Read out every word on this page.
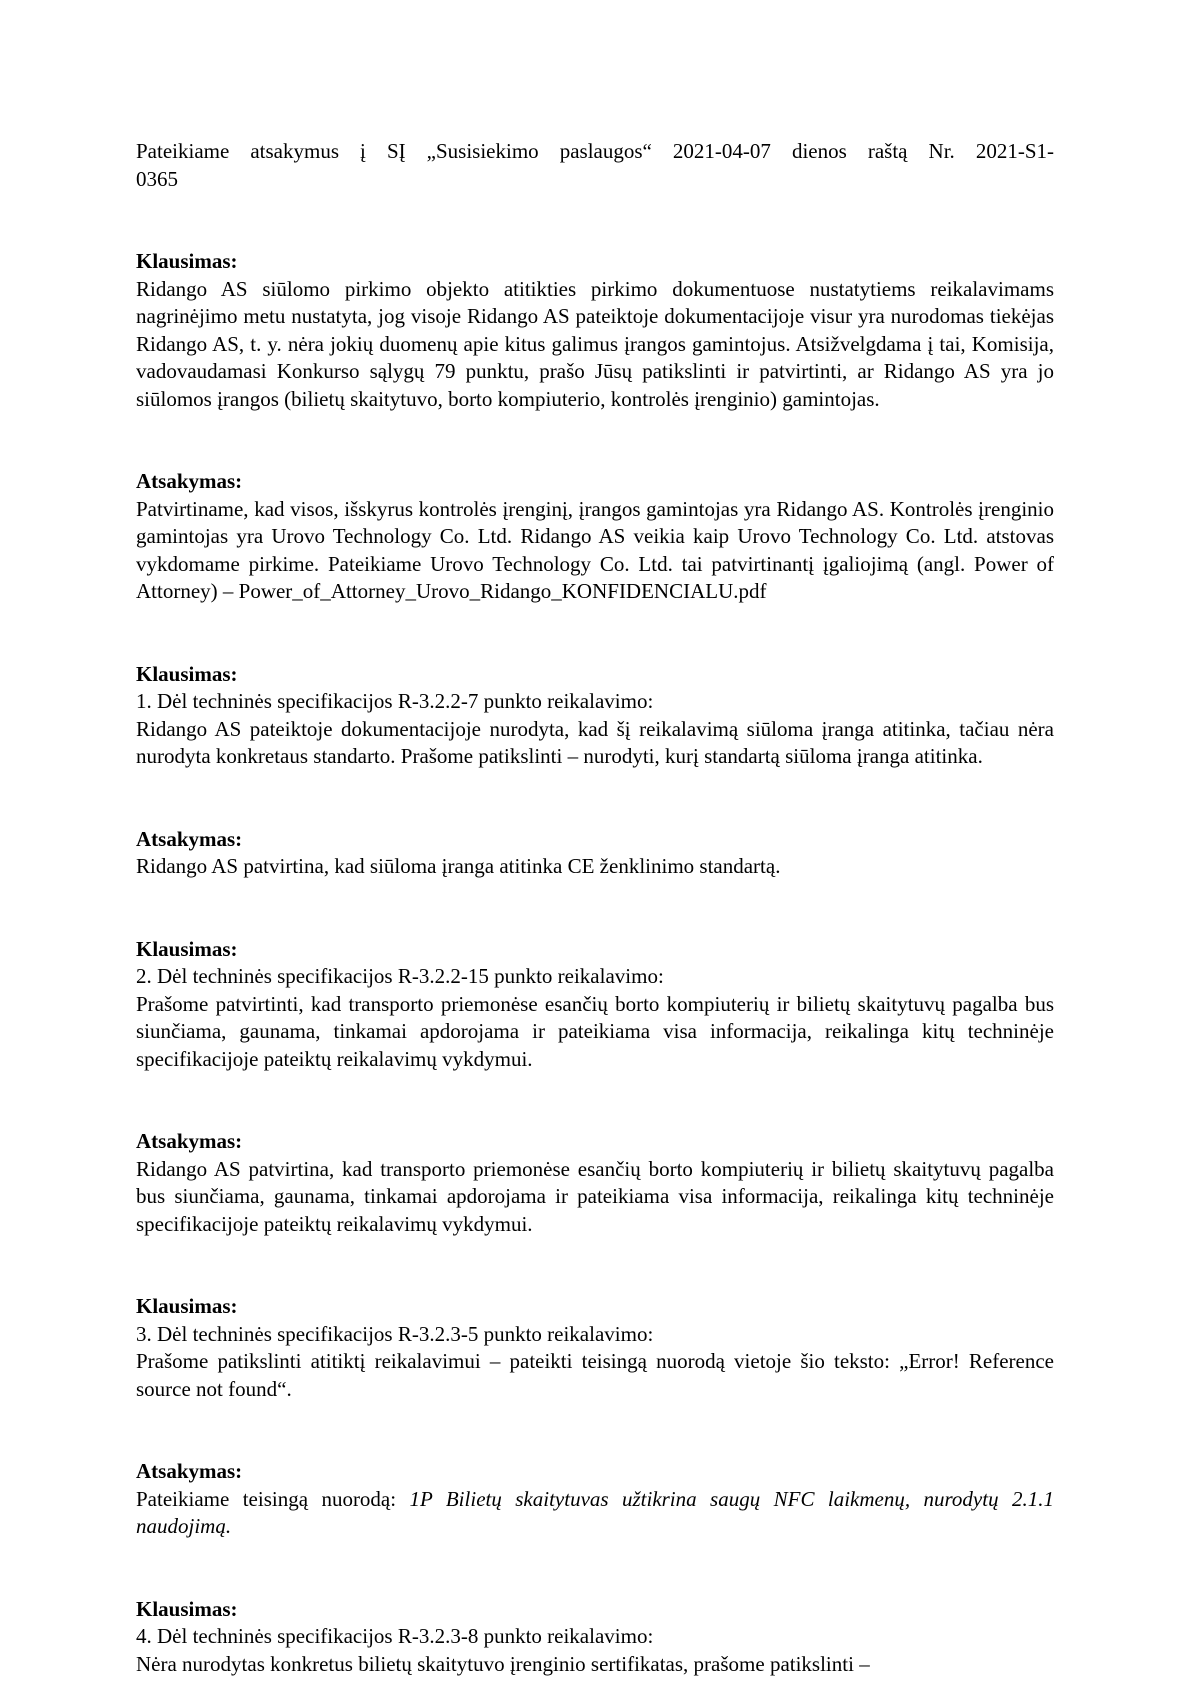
Pateikiame atsakymus į SĮ „Susisiekimo paslaugos“ 2021-04-07 dienos raštą Nr. 2021-S1-

0365

Klausimas:

Ridango AS siūlomo pirkimo objekto atitikties pirkimo dokumentuose nustatytiems reikalavimams nagrinėjimo metu nustatyta, jog visoje Ridango AS pateiktoje dokumentacijoje visur yra nurodomas tiekėjas Ridango AS, t. y. nėra jokių duomenų apie kitus galimus įrangos gamintojus. Atsižvelgdama į tai, Komisija, vadovaudamasi Konkurso sąlygų 79 punktu, prašo Jūsų patikslinti ir patvirtinti, ar Ridango AS yra jo siūlomos įrangos (bilietų skaitytuvo, borto kompiuterio, kontrolės įrenginio) gamintojas.

Atsakymas:

Patvirtiname, kad visos, išskyrus kontrolės įrenginį, įrangos gamintojas yra Ridango AS. Kontrolės įrenginio gamintojas yra Urovo Technology Co. Ltd. Ridango AS veikia kaip Urovo Technology Co. Ltd. atstovas vykdomame pirkime. Pateikiame Urovo Technology Co. Ltd. tai patvirtinantį įgaliojimą (angl. Power of Attorney) – Power_of_Attorney_Urovo_Ridango_KONFIDENCIALU.pdf

Klausimas:

1. Dėl techninės specifikacijos R-3.2.2-7 punkto reikalavimo:

Ridango AS pateiktoje dokumentacijoje nurodyta, kad šį reikalavimą siūloma įranga atitinka, tačiau nėra nurodyta konkretaus standarto. Prašome patikslinti – nurodyti, kurį standartą siūloma įranga atitinka.

Atsakymas:

Ridango AS patvirtina, kad siūloma įranga atitinka CE ženklinimo standartą.

Klausimas:

2. Dėl techninės specifikacijos R-3.2.2-15 punkto reikalavimo:

Prašome patvirtinti, kad transporto priemonėse esančių borto kompiuterių ir bilietų skaitytuvų pagalba bus siunčiama, gaunama, tinkamai apdorojama ir pateikiama visa informacija, reikalinga kitų techninėje specifikacijoje pateiktų reikalavimų vykdymui.

Atsakymas:

Ridango AS patvirtina, kad transporto priemonėse esančių borto kompiuterių ir bilietų skaitytuvų pagalba bus siunčiama, gaunama, tinkamai apdorojama ir pateikiama visa informacija, reikalinga kitų techninėje specifikacijoje pateiktų reikalavimų vykdymui.

Klausimas:

3. Dėl techninės specifikacijos R-3.2.3-5 punkto reikalavimo:

Prašome patikslinti atitiktį reikalavimui – pateikti teisingą nuorodą vietoje šio teksto: „Error! Reference source not found“.

Atsakymas:

Pateikiame teisingą nuorodą: 1P Bilietų skaitytuvas užtikrina saugų NFC laikmenų, nurodytų 2.1.1 naudojimą.

Klausimas:

4. Dėl techninės specifikacijos R-3.2.3-8 punkto reikalavimo:

Nėra nurodytas konkretus bilietų skaitytuvo įrenginio sertifikatas, prašome patikslinti –
